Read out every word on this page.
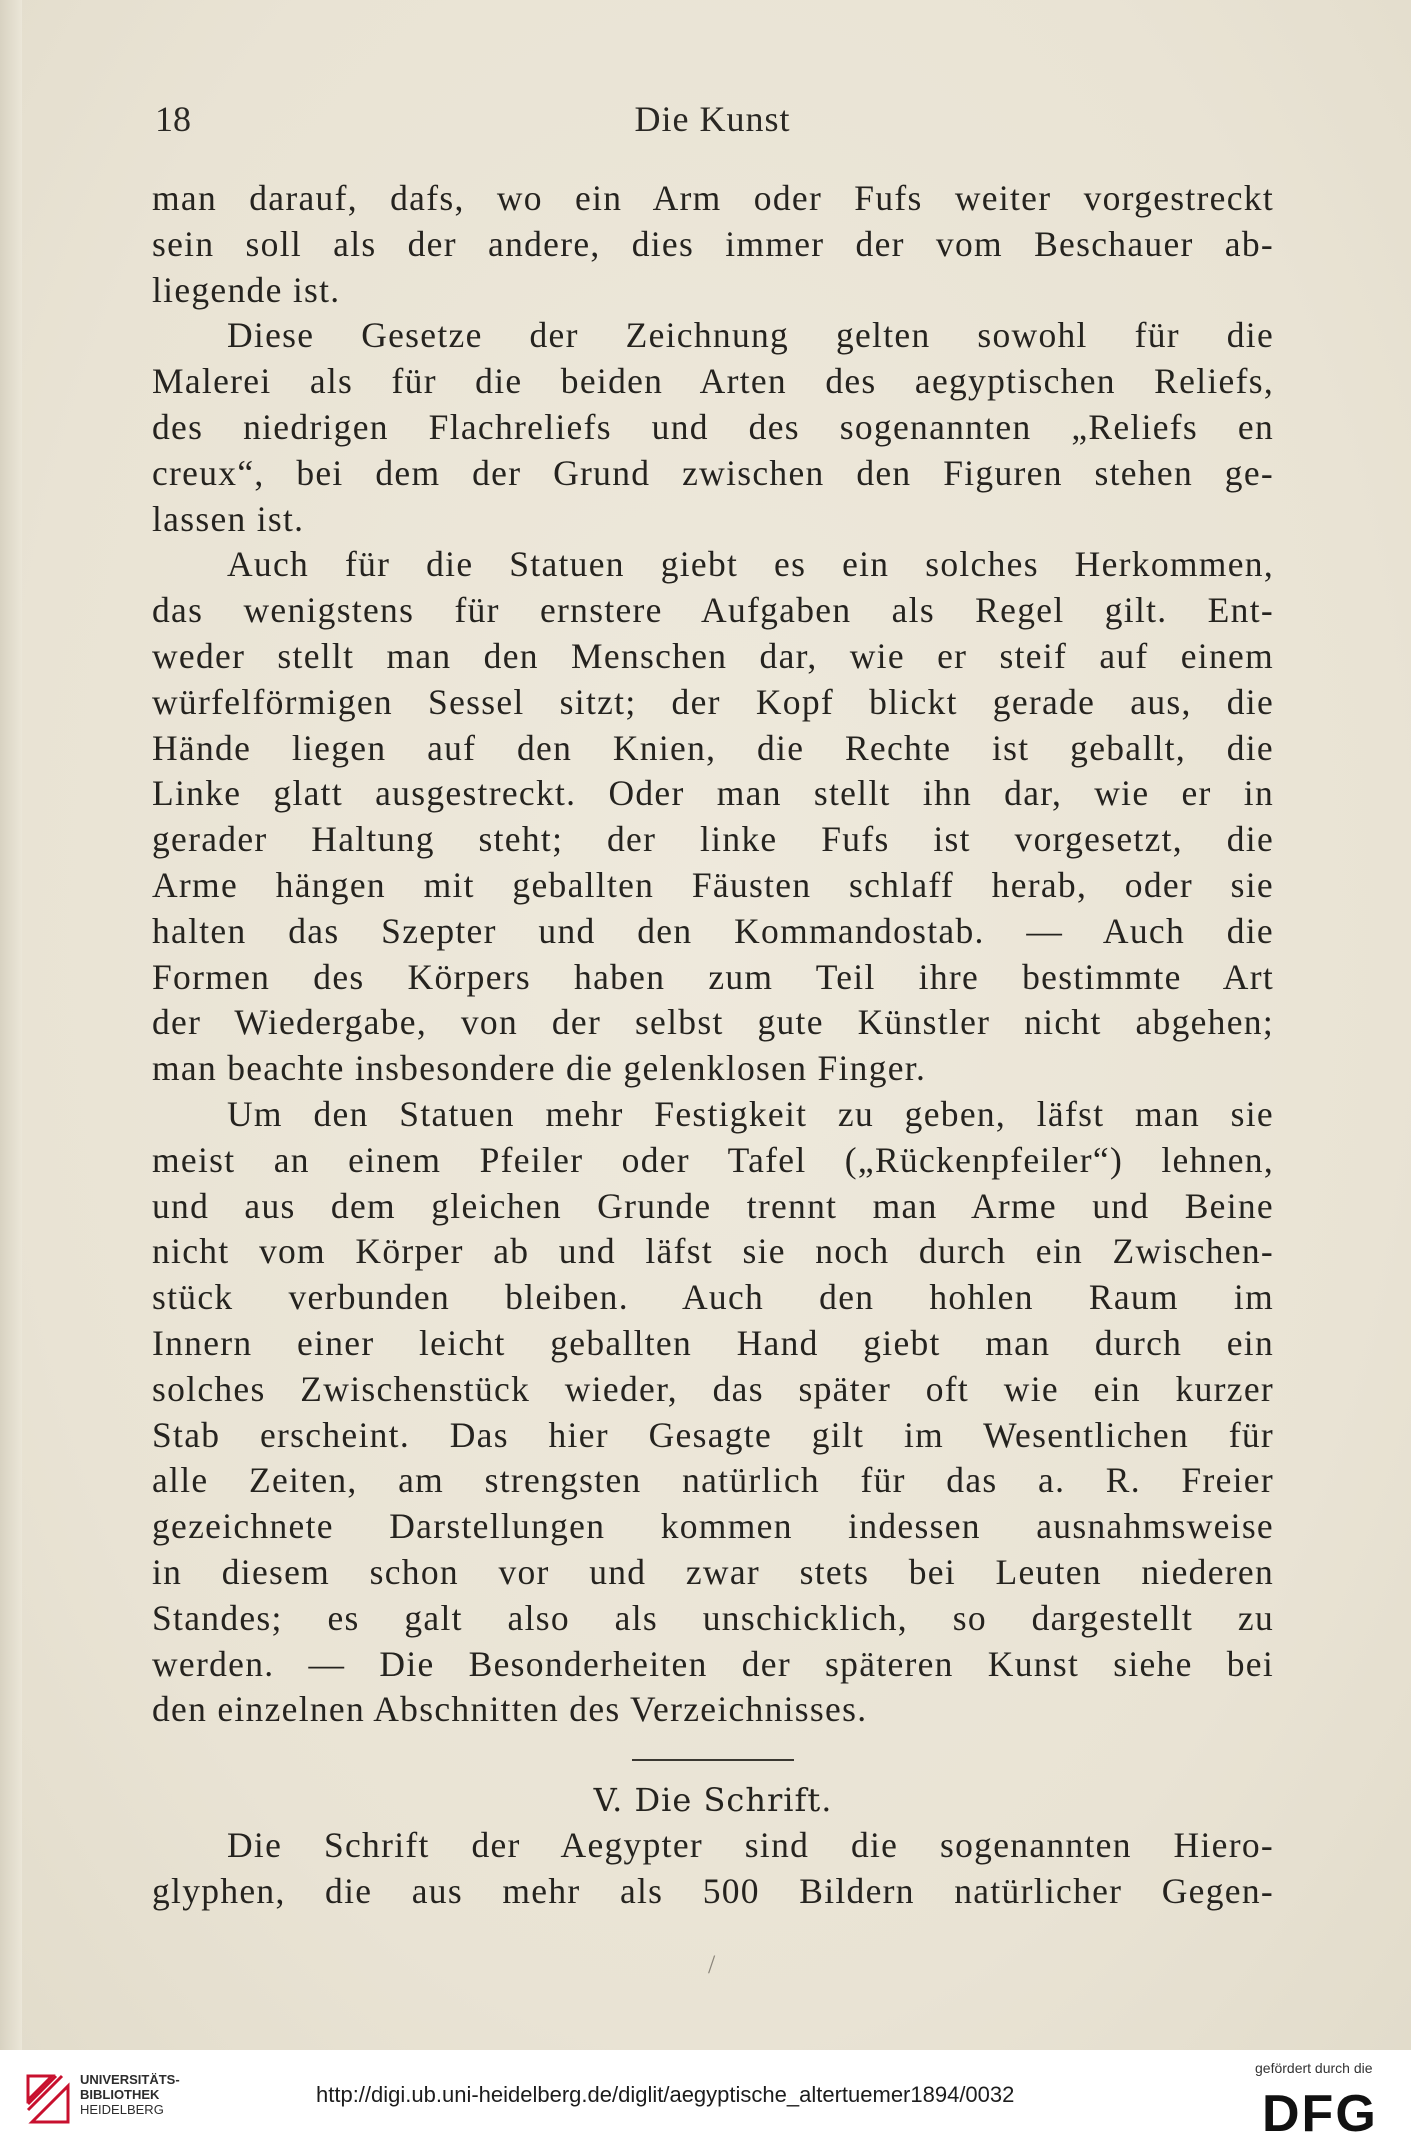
18	Die Kunst
man darauf, dafs, wo ein Arm oder Fufs weiter vorgestreckt
sein soll als der andere, dies immer der vom Beschauer ab-
liegende ist.
Diese Gesetze der Zeichnung gelten sowohl für die
Malerei als für die beiden Arten des aegyptischen Reliefs,
des niedrigen Flachreliefs und des sogenannten „Reliefs en
creux“, bei dem der Grund zwischen den Figuren stehen ge-
lassen ist.
Auch für die Statuen giebt es ein solches Herkommen,
das wenigstens für ernstere Aufgaben als Regel gilt. Ent-
weder stellt man den Menschen dar, wie er steif auf einem
würfelförmigen Sessel sitzt; der Kopf blickt gerade aus, die
Hände liegen auf den Knien, die Rechte ist geballt, die
Linke glatt ausgestreckt. Oder man stellt ihn dar, wie er in
gerader Haltung steht; der linke Fufs ist vorgesetzt, die
Arme hängen mit geballten Fäusten schlaff herab, oder sie
halten das Szepter und den Kommandostab. — Auch die
Formen des Körpers haben zum Teil ihre bestimmte Art
der Wiedergabe, von der selbst gute Künstler nicht abgehen;
man beachte insbesondere die gelenklosen Finger.
Um den Statuen mehr Festigkeit zu geben, läfst man sie
meist an einem Pfeiler oder Tafel („Rückenpfeiler“) lehnen,
und aus dem gleichen Grunde trennt man Arme und Beine
nicht vom Körper ab und läfst sie noch durch ein Zwischen-
stück verbunden bleiben. Auch den hohlen Raum im
Innern einer leicht geballten Hand giebt man durch ein
solches Zwischenstück wieder, das später oft wie ein kurzer
Stab erscheint. Das hier Gesagte gilt im Wesentlichen für
alle Zeiten, am strengsten natürlich für das a. R. Freier
gezeichnete Darstellungen kommen indessen ausnahmsweise
in diesem schon vor und zwar stets bei Leuten niederen
Standes; es galt also als unschicklich, so dargestellt zu
werden. — Die Besonderheiten der späteren Kunst siehe bei
den einzelnen Abschnitten des Verzeichnisses.
V. Die Schrift.
Die Schrift der Aegypter sind die sogenannten Hiero-
glyphen, die aus mehr als 500 Bildern natürlicher Gegen-
/
UNIVERSITÄTS-
BIBLIOTHEK
HEIDELBERG
http://digi.ub.uni-heidelberg.de/diglit/aegyptische_altertuemer1894/0032
gefördert durch die
DFG
